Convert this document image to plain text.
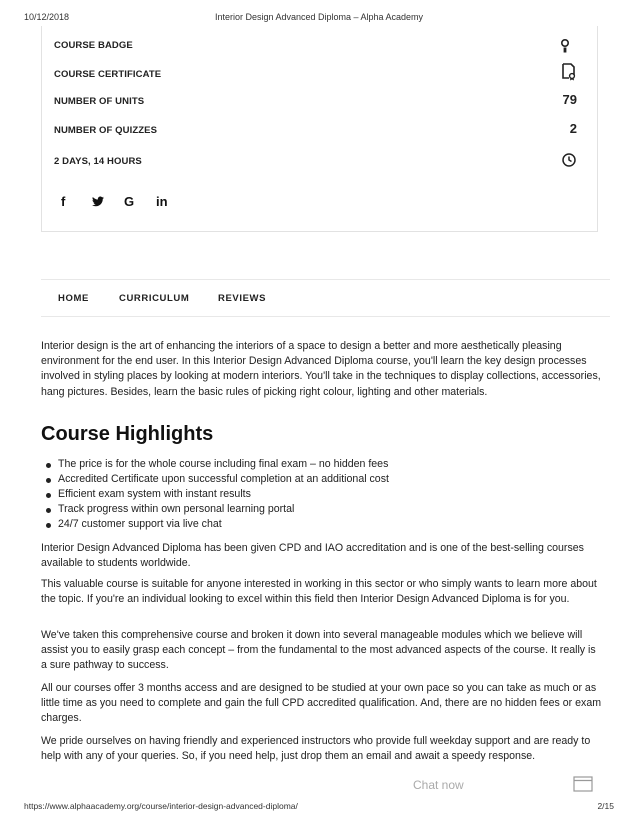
10/12/2018	Interior Design Advanced Diploma – Alpha Academy
COURSE BADGE
COURSE CERTIFICATE
NUMBER OF UNITS	79
NUMBER OF QUIZZES	2
2 DAYS, 14 HOURS
f	G in
HOME	CURRICULUM	REVIEWS

Interior design is the art of enhancing the interiors of a space to design a better and more aesthetically pleasing environment for the end user. In this Interior Design Advanced Diploma course, you'll learn the key design processes involved in styling places by looking at modern interiors. You'll take in the techniques to display collections, accessories, hang pictures. Besides, learn the basic rules of picking right colour, lighting and other materials.

Course Highlights
The price is for the whole course including final exam – no hidden fees
Accredited Certificate upon successful completion at an additional cost
Efficient exam system with instant results
Track progress within own personal learning portal
24/7 customer support via live chat

Interior Design Advanced Diploma has been given CPD and IAO accreditation and is one of the best-selling courses available to students worldwide.

This valuable course is suitable for anyone interested in working in this sector or who simply wants to learn more about the topic. If you're an individual looking to excel within this field then Interior Design Advanced Diploma is for you.

We've taken this comprehensive course and broken it down into several manageable modules which we believe will assist you to easily grasp each concept – from the fundamental to the most advanced aspects of the course. It really is a sure pathway to success.

All our courses offer 3 months access and are designed to be studied at your own pace so you can take as much or as little time as you need to complete and gain the full CPD accredited qualification. And, there are no hidden fees or exam charges.

We pride ourselves on having friendly and experienced instructors who provide full weekday support and are ready to help with any of your queries. So, if you need help, just drop them an email and await a speedy response.

Chat now
https://www.alphaacademy.org/course/interior-design-advanced-diploma/	2/15
